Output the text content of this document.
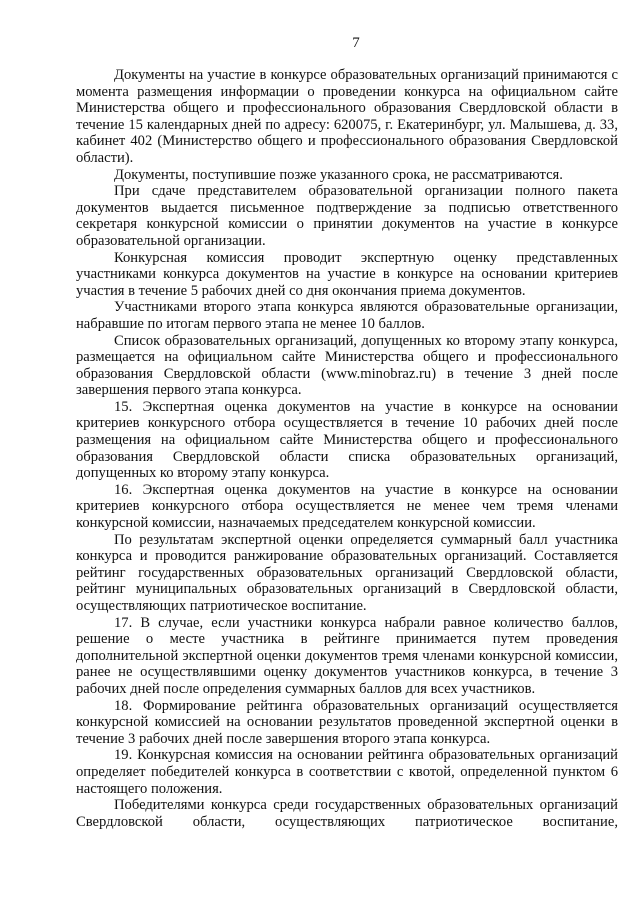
7

Документы на участие в конкурсе образовательных организаций принимаются с момента размещения информации о проведении конкурса на официальном сайте Министерства общего и профессионального образования Свердловской области в течение 15 календарных дней по адресу: 620075, г. Екатеринбург, ул. Малышева, д. 33, кабинет 402 (Министерство общего и профессионального образования Свердловской области).

Документы, поступившие позже указанного срока, не рассматриваются.

При сдаче представителем образовательной организации полного пакета документов выдается письменное подтверждение за подписью ответственного секретаря конкурсной комиссии о принятии документов на участие в конкурсе образовательной организации.

Конкурсная комиссия проводит экспертную оценку представленных участниками конкурса документов на участие в конкурсе на основании критериев участия в течение 5 рабочих дней со дня окончания приема документов.

Участниками второго этапа конкурса являются образовательные организации, набравшие по итогам первого этапа не менее 10 баллов.

Список образовательных организаций, допущенных ко второму этапу конкурса, размещается на официальном сайте Министерства общего и профессионального образования Свердловской области (www.minobraz.ru) в течение 3 дней после завершения первого этапа конкурса.

15. Экспертная оценка документов на участие в конкурсе на основании критериев конкурсного отбора осуществляется в течение 10 рабочих дней после размещения на официальном сайте Министерства общего и профессионального образования Свердловской области списка образовательных организаций, допущенных ко второму этапу конкурса.

16. Экспертная оценка документов на участие в конкурсе на основании критериев конкурсного отбора осуществляется не менее чем тремя членами конкурсной комиссии, назначаемых председателем конкурсной комиссии.

По результатам экспертной оценки определяется суммарный балл участника конкурса и проводится ранжирование образовательных организаций. Составляется рейтинг государственных образовательных организаций Свердловской области, рейтинг муниципальных образовательных организаций в Свердловской области, осуществляющих патриотическое воспитание.

17. В случае, если участники конкурса набрали равное количество баллов, решение о месте участника в рейтинге принимается путем проведения дополнительной экспертной оценки документов тремя членами конкурсной комиссии, ранее не осуществлявшими оценку документов участников конкурса, в течение 3 рабочих дней после определения суммарных баллов для всех участников.

18. Формирование рейтинга образовательных организаций осуществляется конкурсной комиссией на основании результатов проведенной экспертной оценки в течение 3 рабочих дней после завершения второго этапа конкурса.

19. Конкурсная комиссия на основании рейтинга образовательных организаций определяет победителей конкурса в соответствии с квотой, определенной пунктом 6 настоящего положения.

Победителями конкурса среди государственных образовательных организаций Свердловской области, осуществляющих патриотическое воспитание,
